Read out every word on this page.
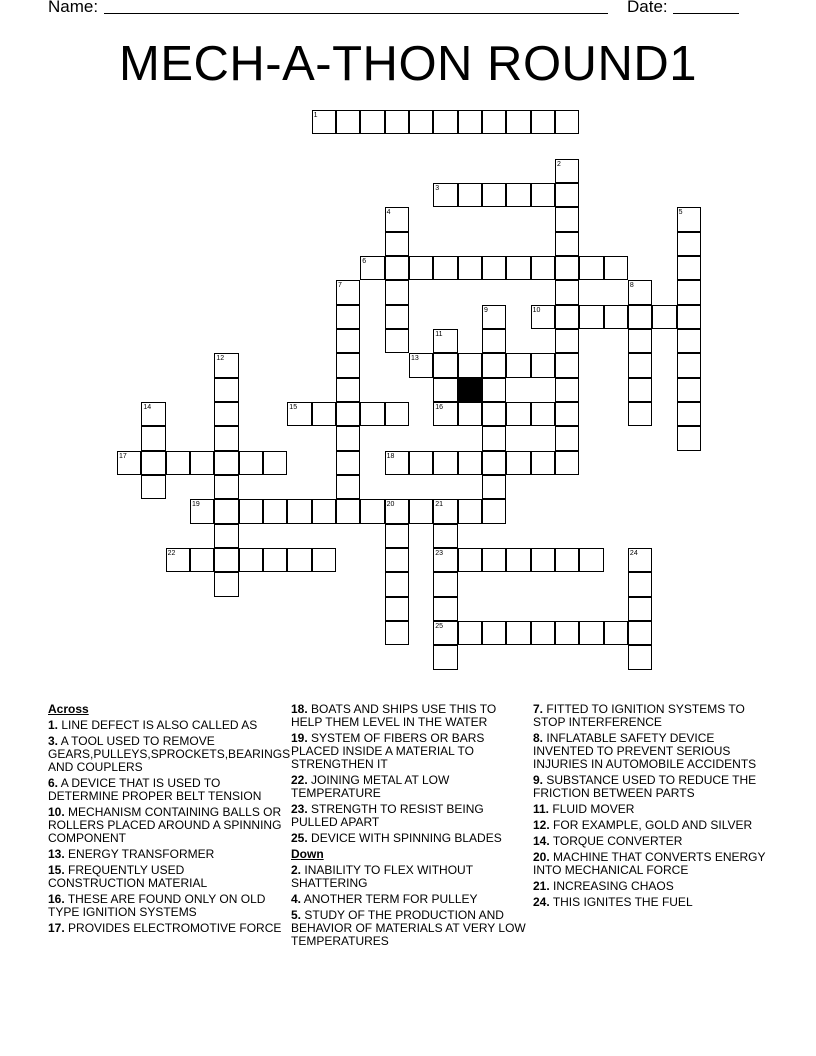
Name:	Date:
MECH-A-THON ROUND1
1
2
3
4	5
6
7	8
9	10
11
12	13
14	15	16
17	18
19	20	21
22	23	24
25
Across
1. LINE DEFECT IS ALSO CALLED AS
3. A TOOL USED TO REMOVE GEARS,PULLEYS,SPROCKETS,BEARINGS AND COUPLERS
6. A DEVICE THAT IS USED TO DETERMINE PROPER BELT TENSION
10. MECHANISM CONTAINING BALLS OR ROLLERS PLACED AROUND A SPINNING COMPONENT
13. ENERGY TRANSFORMER
15. FREQUENTLY USED CONSTRUCTION MATERIAL
16. THESE ARE FOUND ONLY ON OLD TYPE IGNITION SYSTEMS
17. PROVIDES ELECTROMOTIVE FORCE
18. BOATS AND SHIPS USE THIS TO HELP THEM LEVEL IN THE WATER
19. SYSTEM OF FIBERS OR BARS PLACED INSIDE A MATERIAL TO STRENGTHEN IT
22. JOINING METAL AT LOW TEMPERATURE
23. STRENGTH TO RESIST BEING PULLED APART
25. DEVICE WITH SPINNING BLADES
Down
2. INABILITY TO FLEX WITHOUT SHATTERING
4. ANOTHER TERM FOR PULLEY
5. STUDY OF THE PRODUCTION AND BEHAVIOR OF MATERIALS AT VERY LOW TEMPERATURES
7. FITTED TO IGNITION SYSTEMS TO STOP INTERFERENCE
8. INFLATABLE SAFETY DEVICE INVENTED TO PREVENT SERIOUS INJURIES IN AUTOMOBILE ACCIDENTS
9. SUBSTANCE USED TO REDUCE THE FRICTION BETWEEN PARTS
11. FLUID MOVER
12. FOR EXAMPLE, GOLD AND SILVER
14. TORQUE CONVERTER
20. MACHINE THAT CONVERTS ENERGY INTO MECHANICAL FORCE
21. INCREASING CHAOS
24. THIS IGNITES THE FUEL
